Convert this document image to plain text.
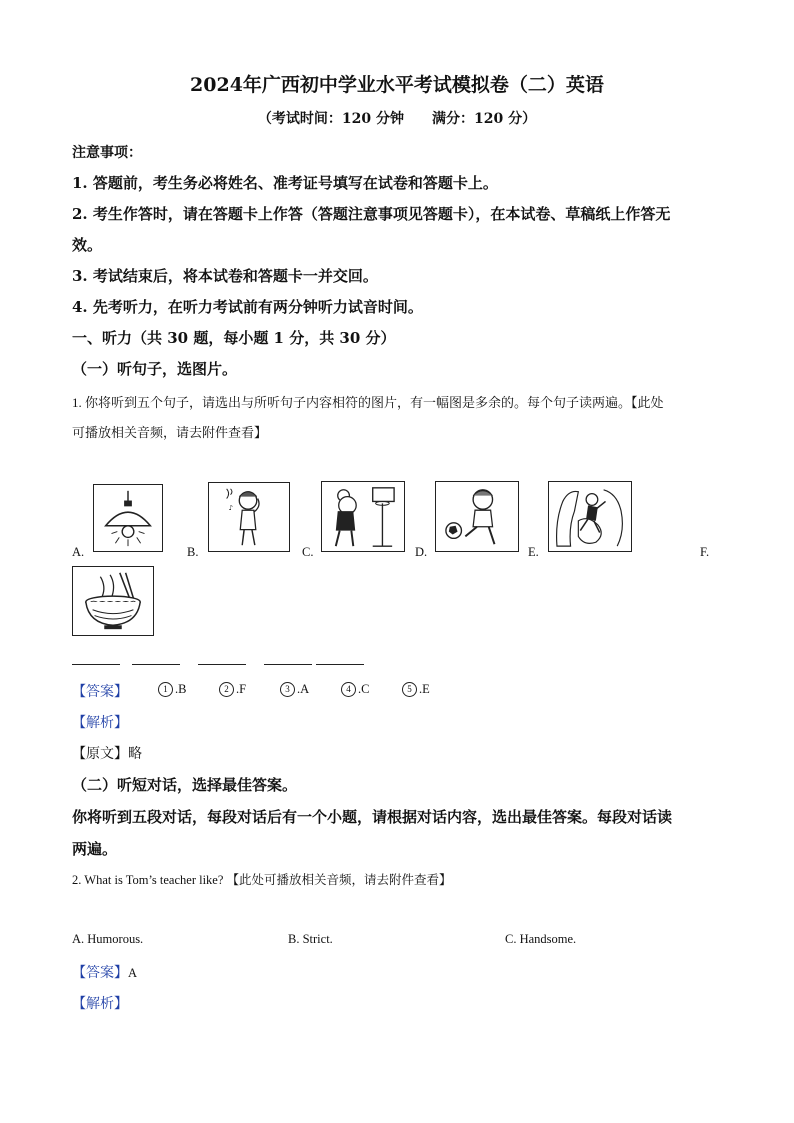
2024年广西初中学业水平考试模拟卷（二）英语
（考试时间：120 分钟　　满分：120 分）
注意事项：
1. 答题前，考生务必将姓名、准考证号填写在试卷和答题卡上。
2. 考生作答时，请在答题卡上作答（答题注意事项见答题卡），在本试卷、草稿纸上作答无
效。
3. 考试结束后，将本试卷和答题卡一并交回。
4. 先考听力，在听力考试前有两分钟听力试音时间。
一、听力（共 30 题，每小题 1 分，共 30 分）
（一）听句子，选图片。
1. 你将听到五个句子，请选出与所听句子内容相符的图片，有一幅图是多余的。每个句子读两遍。【此处
可播放相关音频，请去附件查看】
A.	B.
♪
C.	D.	E.	F.
【答案】	1 .B	2 .F	3 .A	4 .C	5 .E
【解析】
【原文】略
（二）听短对话，选择最佳答案。
你将听到五段对话，每段对话后有一个小题，请根据对话内容，选出最佳答案。每段对话读
两遍。
2. What is Tom’s teacher like? 【此处可播放相关音频，请去附件查看】
A. Humorous.	B. Strict.	C. Handsome.
【答案】A
【解析】
